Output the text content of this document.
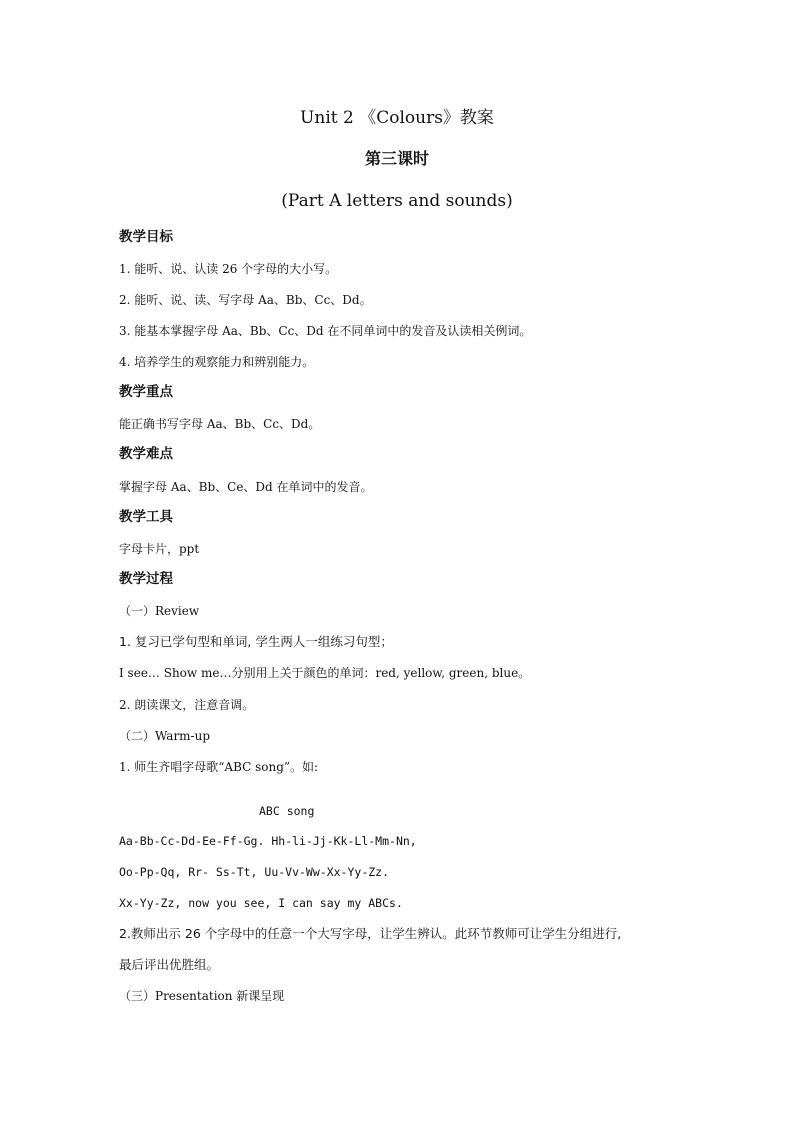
Unit 2 《Colours》教案
第三课时
(Part A letters and sounds)
教学目标
1. 能听、说、认读 26 个字母的大小写。
2. 能听、说、读、写字母 Aa、Bb、Cc、Dd。
3. 能基本掌握字母 Aa、Bb、Cc、Dd 在不同单词中的发音及认读相关例词。
4. 培养学生的观察能力和辨别能力。
教学重点
能正确书写字母 Aa、Bb、Cc、Dd。
教学难点
掌握字母 Aa、Bb、Ce、Dd 在单词中的发音。
教学工具
字母卡片，ppt
教学过程
（一）Review
1. 复习已学句型和单词, 学生两人一组练习句型；
I see… Show me…分别用上关于颜色的单词：red, yellow, green, blue。
2. 朗读课文，注意音调。
（二）Warm-up
1. 师生齐唱字母歌“ABC song”。如:
ABC song
Aa-Bb-Cc-Dd-Ee-Ff-Gg. Hh-li-Jj-Kk-Ll-Mm-Nn,
Oo-Pp-Qq, Rr- Ss-Tt, Uu-Vv-Ww-Xx-Yy-Zz.
Xx-Yy-Zz, now you see, I can say my ABCs.
2.教师出示 26 个字母中的任意一个大写字母，让学生辨认。此环节教师可让学生分组进行,
最后评出优胜组。
（三）Presentation 新课呈现
